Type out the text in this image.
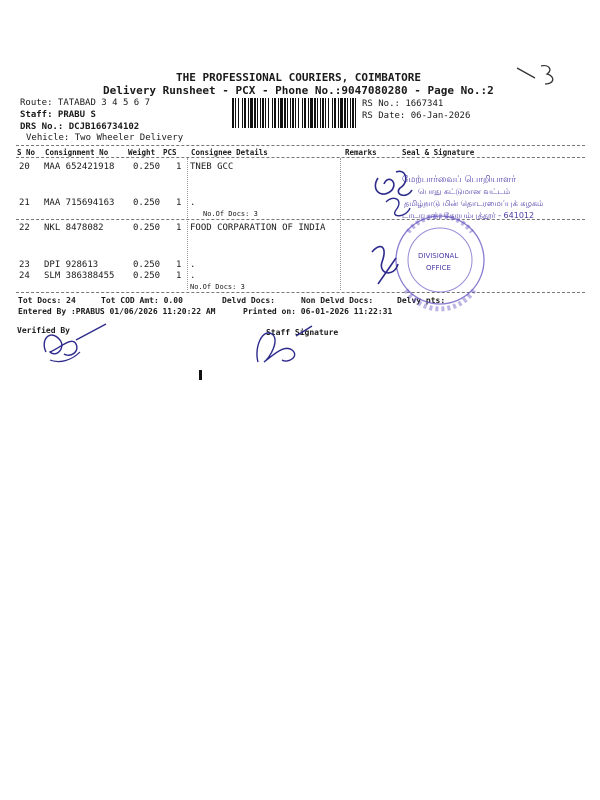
THE PROFESSIONAL COURIERS, COIMBATORE
Delivery Runsheet - PCX - Phone No.:9047080280 - Page No.:2
Route: TATABAD 3 4 5 6 7
Staff: PRABU S
DRS No.: DCJB166734102
Vehicle: Two Wheeler Delivery
RS No.: 1667341
RS Date: 06-Jan-2026
S No Consignment No	Weight PCS Consignee Details	Remarks	Seal & Signature
20 MAA 652421918 0.250 1 TNEB GCC
21 MAA 715694163 0.250 1 .
No.Of Docs: 3
22 NKL 8478082	0.250 1 FOOD CORPARATION OF INDIA
23 DPI 928613	0.250 1 .
24 SLM 386388455 0.250 1 .
No.Of Docs: 3
Tot Docs: 24	Tot COD Amt: 0.00	Delvd Docs:	Non Delvd Docs:	Delvy pts:
Entered By :PRABUS 01/06/2026 11:20:22 AM	Printed on: 06-01-2026 11:22:31
Verified By	Staff Signature
மேற்பார்வைப் பொறியாளர்
பொது கட்டுமான வட்டம்
தமிழ்நாடு மின் தொடரமைப்புக் கழகம்
டாடாபாத், கோயம்புத்தூர் - 641012
DIVISIONAL
OFFICE
